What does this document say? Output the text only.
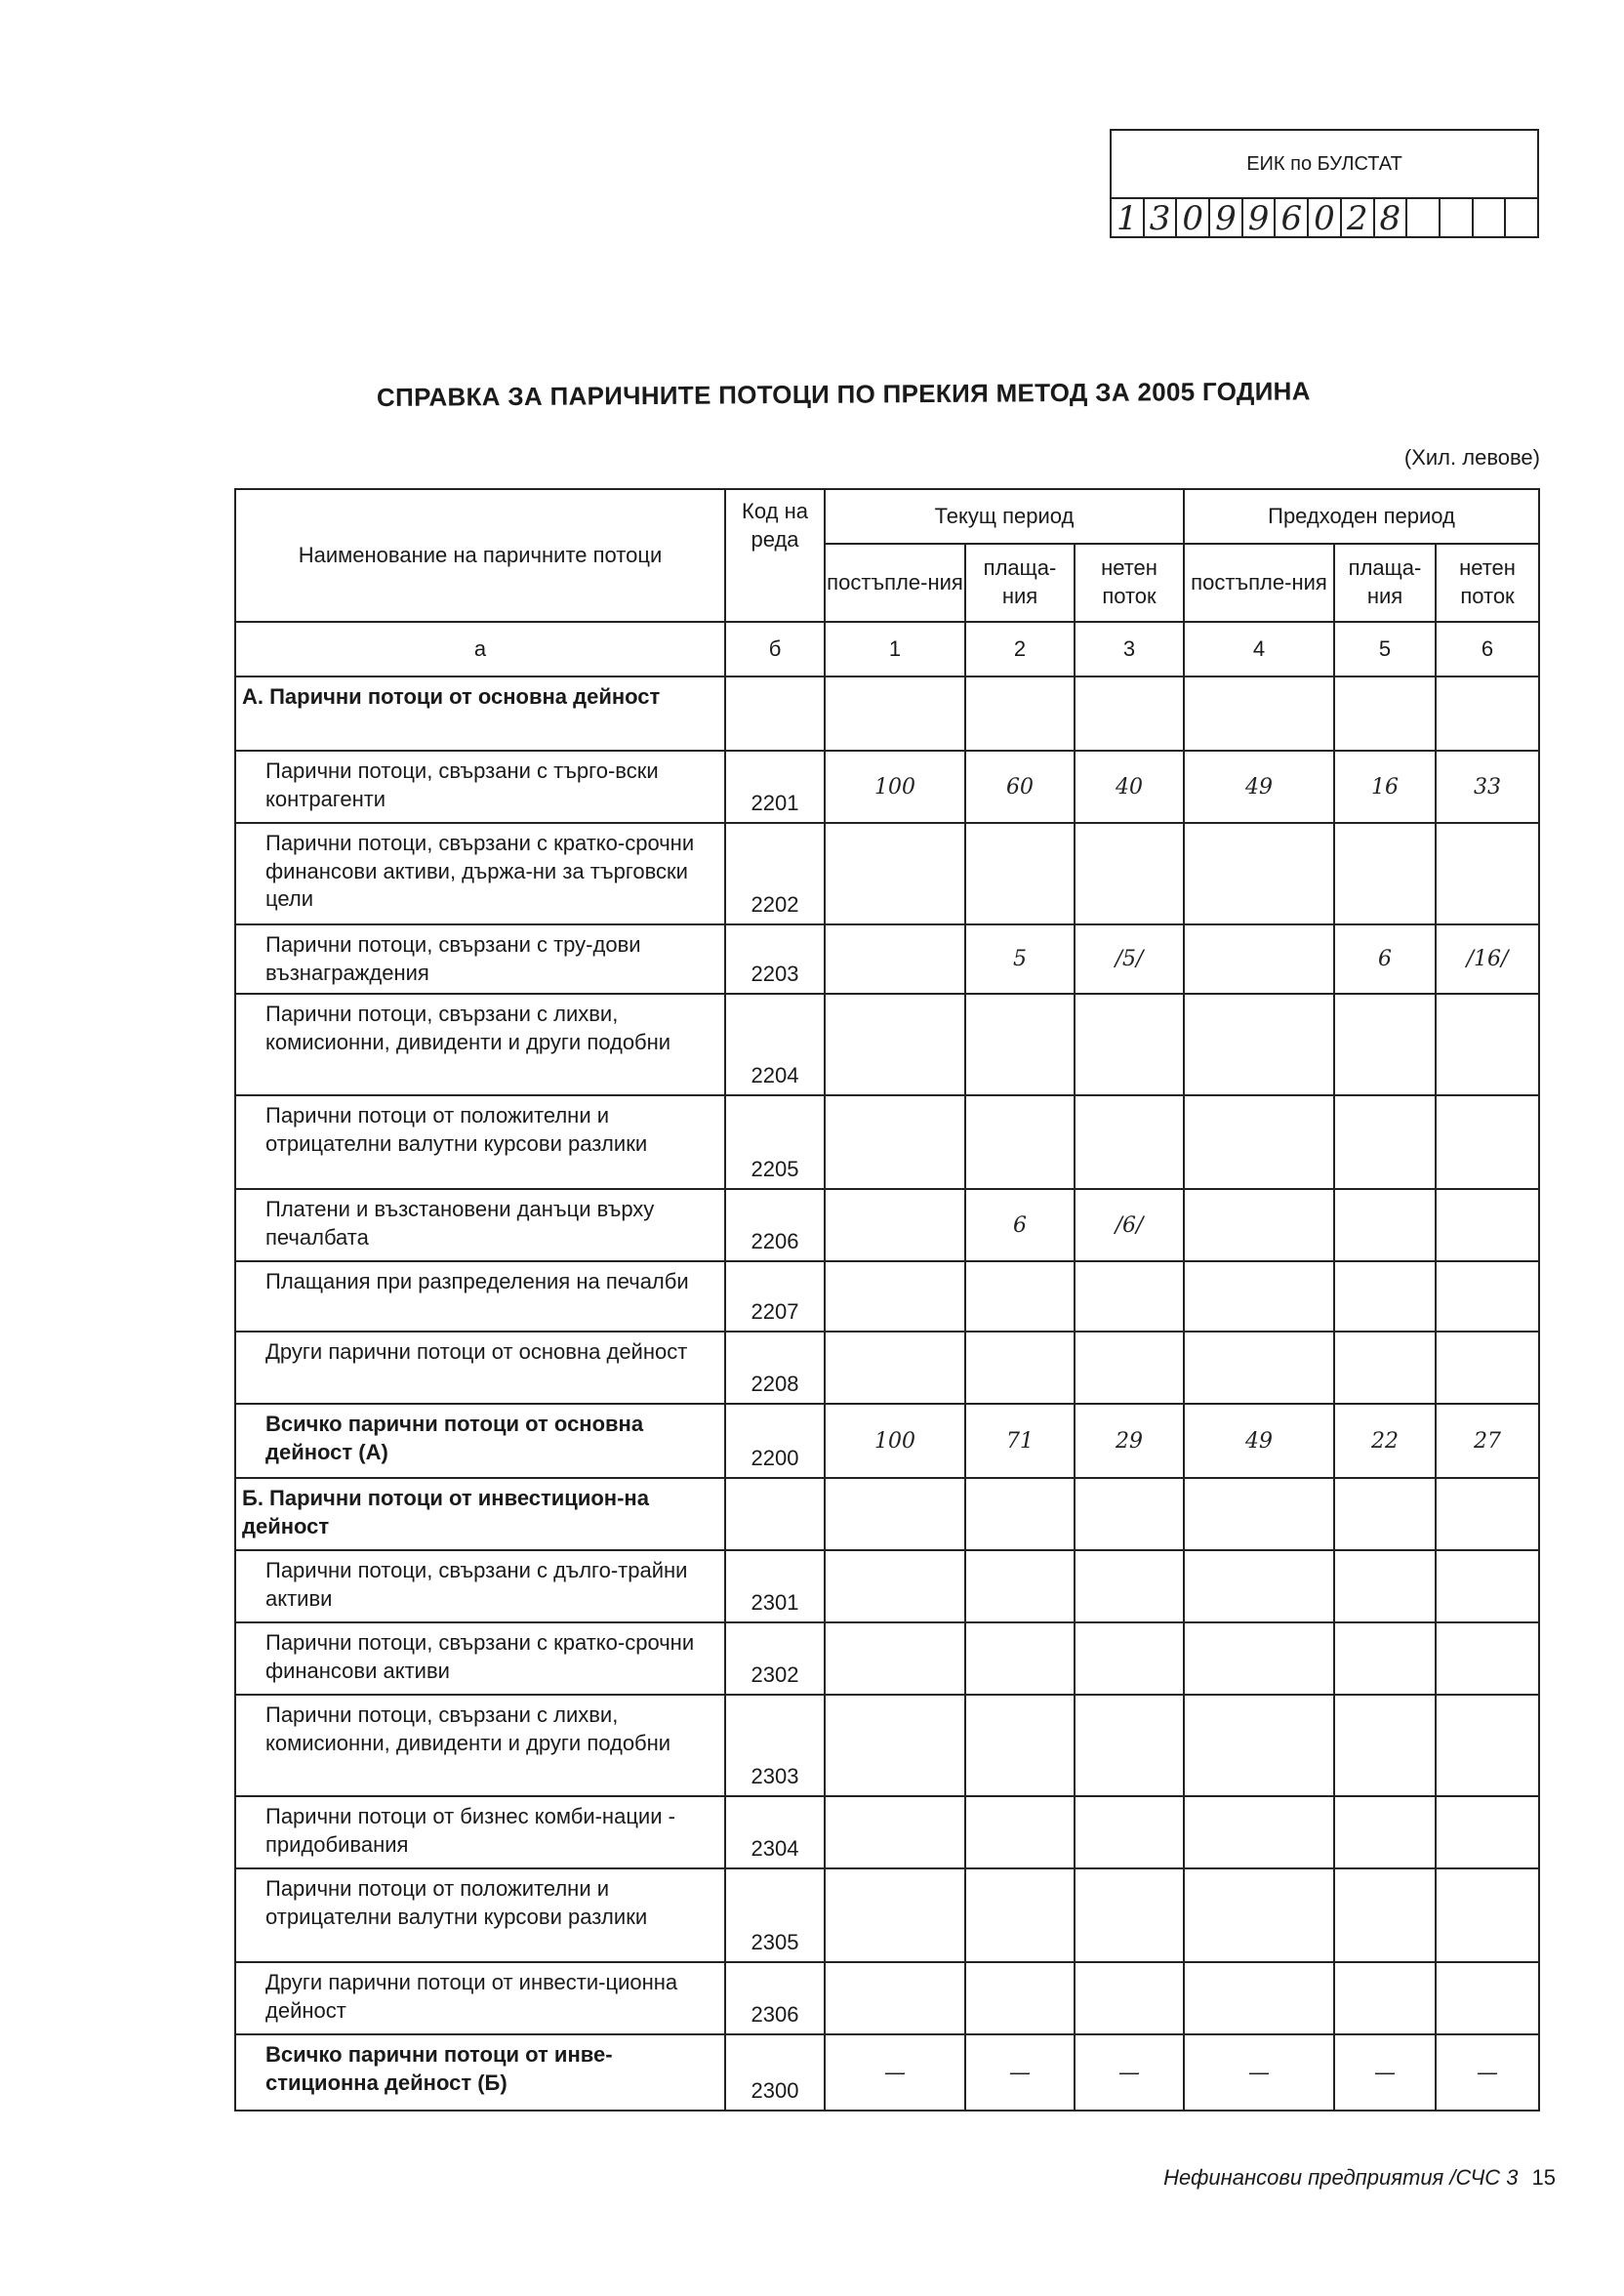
ЕИК по БУЛСТАТ
1 3 0 9 9 6 0 2 8
СПРАВКА ЗА ПАРИЧНИТЕ ПОТОЦИ ПО ПРЕКИЯ МЕТОД ЗА 2005 ГОДИНА
(Хил. левове)
Наименование на паричните потоци	Код на реда	Текущ период			Предходен период		
		постъпле-ния	плаща-ния	нетен поток	постъпле-ния	плаща-ния	нетен поток
а	б	1	2	3	4	5	6
А. Парични потоци от основна дейност							
Парични потоци, свързани с търго-вски контрагенти	2201	100	60	40	49	16	33
Парични потоци, свързани с кратко-срочни финансови активи, държа-ни за търговски цели	2202						
Парични потоци, свързани с тру-дови възнаграждения	2203		5	/5/		6	/16/
Парични потоци, свързани с лихви, комисионни, дивиденти и други подобни	2204						
Парични потоци от положителни и отрицателни валутни курсови разлики	2205						
Платени и възстановени данъци върху печалбата	2206		6	/6/			
Плащания при разпределения на печалби	2207						
Други парични потоци от основна дейност	2208						
Всичко парични потоци от основна дейност (А)	2200	100	71	29	49	22	27
Б. Парични потоци от инвестицион-на дейност							
Парични потоци, свързани с дълго-трайни активи	2301						
Парични потоци, свързани с кратко-срочни финансови активи	2302						
Парични потоци, свързани с лихви, комисионни, дивиденти и други подобни	2303						
Парични потоци от бизнес комби-нации - придобивания	2304						
Парични потоци от положителни и отрицателни валутни курсови разлики	2305						
Други парични потоци от инвести-ционна дейност	2306						
Всичко парични потоци от инве-стиционна дейност (Б)	2300	—	—	—	—	—	—
Нефинансови предприятия /СЧС 3 15
